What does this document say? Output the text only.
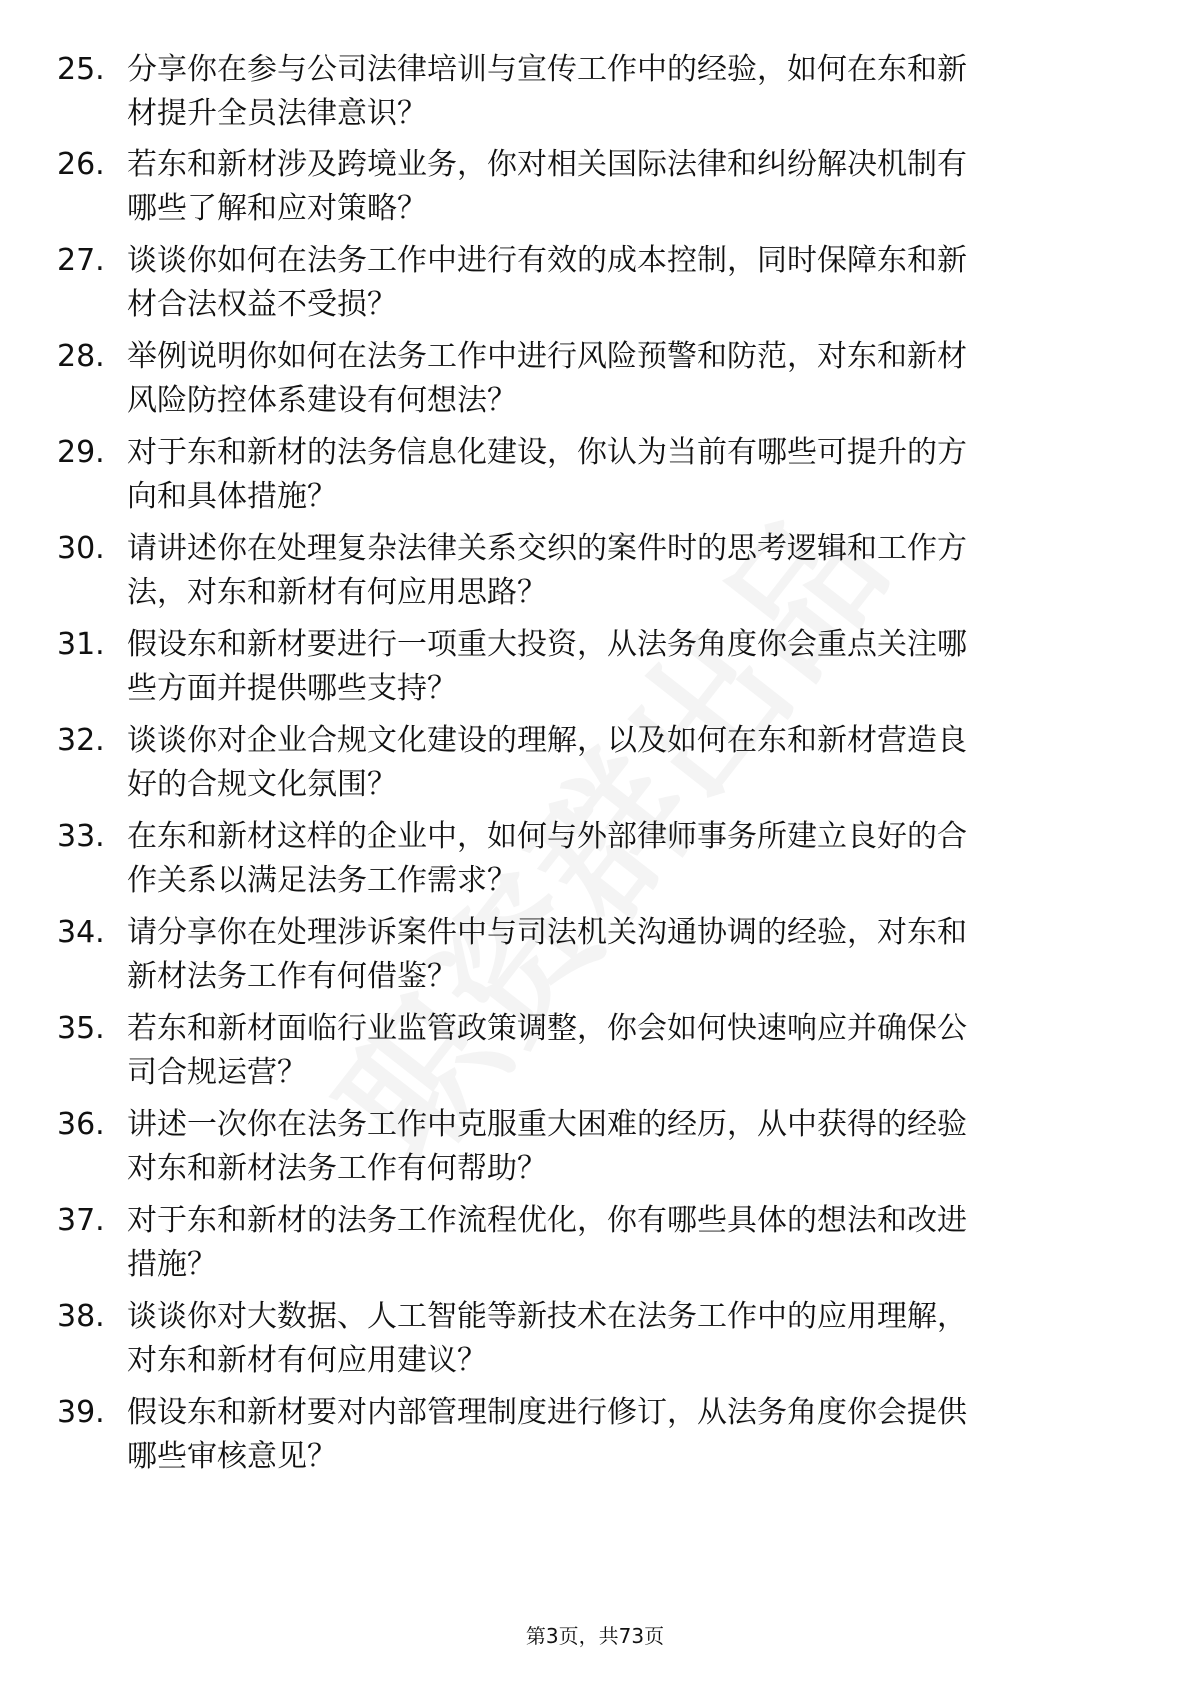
25. 分享你在参与公司法律培训与宣传工作中的经验，如何在东和新
材提升全员法律意识？
26. 若东和新材涉及跨境业务，你对相关国际法律和纠纷解决机制有
哪些了解和应对策略？
27. 谈谈你如何在法务工作中进行有效的成本控制，同时保障东和新
材合法权益不受损？
28. 举例说明你如何在法务工作中进行风险预警和防范，对东和新材
风险防控体系建设有何想法？
29. 对于东和新材的法务信息化建设，你认为当前有哪些可提升的方
向和具体措施？
30. 请讲述你在处理复杂法律关系交织的案件时的思考逻辑和工作方
法，对东和新材有何应用思路？
31. 假设东和新材要进行一项重大投资，从法务角度你会重点关注哪
些方面并提供哪些支持？
32. 谈谈你对企业合规文化建设的理解，以及如何在东和新材营造良
好的合规文化氛围？
33. 在东和新材这样的企业中，如何与外部律师事务所建立良好的合
作关系以满足法务工作需求？
34. 请分享你在处理涉诉案件中与司法机关沟通协调的经验，对东和
新材法务工作有何借鉴？
35. 若东和新材面临行业监管政策调整，你会如何快速响应并确保公
司合规运营？
36. 讲述一次你在法务工作中克服重大困难的经历，从中获得的经验
对东和新材法务工作有何帮助？
37. 对于东和新材的法务工作流程优化，你有哪些具体的想法和改进
措施？
38. 谈谈你对大数据、人工智能等新技术在法务工作中的应用理解，
对东和新材有何应用建议？
39. 假设东和新材要对内部管理制度进行修订，从法务角度你会提供
哪些审核意见？
第3页，共73页
